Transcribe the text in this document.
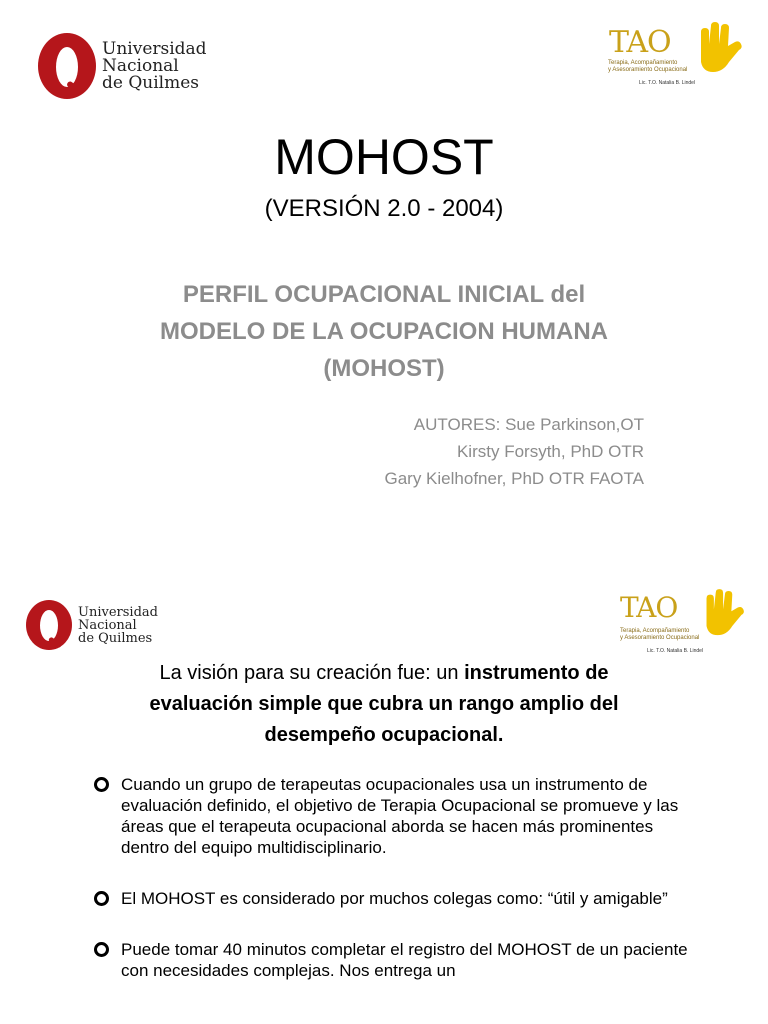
Universidad
Nacional
de Quilmes
TAO
Terapia, Acompañamiento
y Asesoramiento Ocupacional
Lic. T.O. Natalia B. Lindel
MOHOST
(VERSIÓN 2.0 - 2004)
PERFIL OCUPACIONAL INICIAL del
MODELO DE LA OCUPACION HUMANA
(MOHOST)
AUTORES: Sue Parkinson,OT
Kirsty Forsyth, PhD OTR
Gary Kielhofner, PhD OTR FAOTA
Universidad
Nacional
de Quilmes
TAO
Terapia, Acompañamiento
y Asesoramiento Ocupacional
Lic. T.O. Natalia B. Lindel
La visión para su creación fue: un instrumento de evaluación simple que cubra un rango amplio del desempeño ocupacional.
Cuando un grupo de terapeutas ocupacionales usa un instrumento de evaluación definido, el objetivo de Terapia Ocupacional se promueve y las áreas que el terapeuta ocupacional aborda se hacen más prominentes dentro del equipo multidisciplinario.
El MOHOST es considerado por muchos colegas como: “útil y amigable”
Puede tomar 40 minutos completar el registro del MOHOST de un paciente con necesidades complejas. Nos entrega un
